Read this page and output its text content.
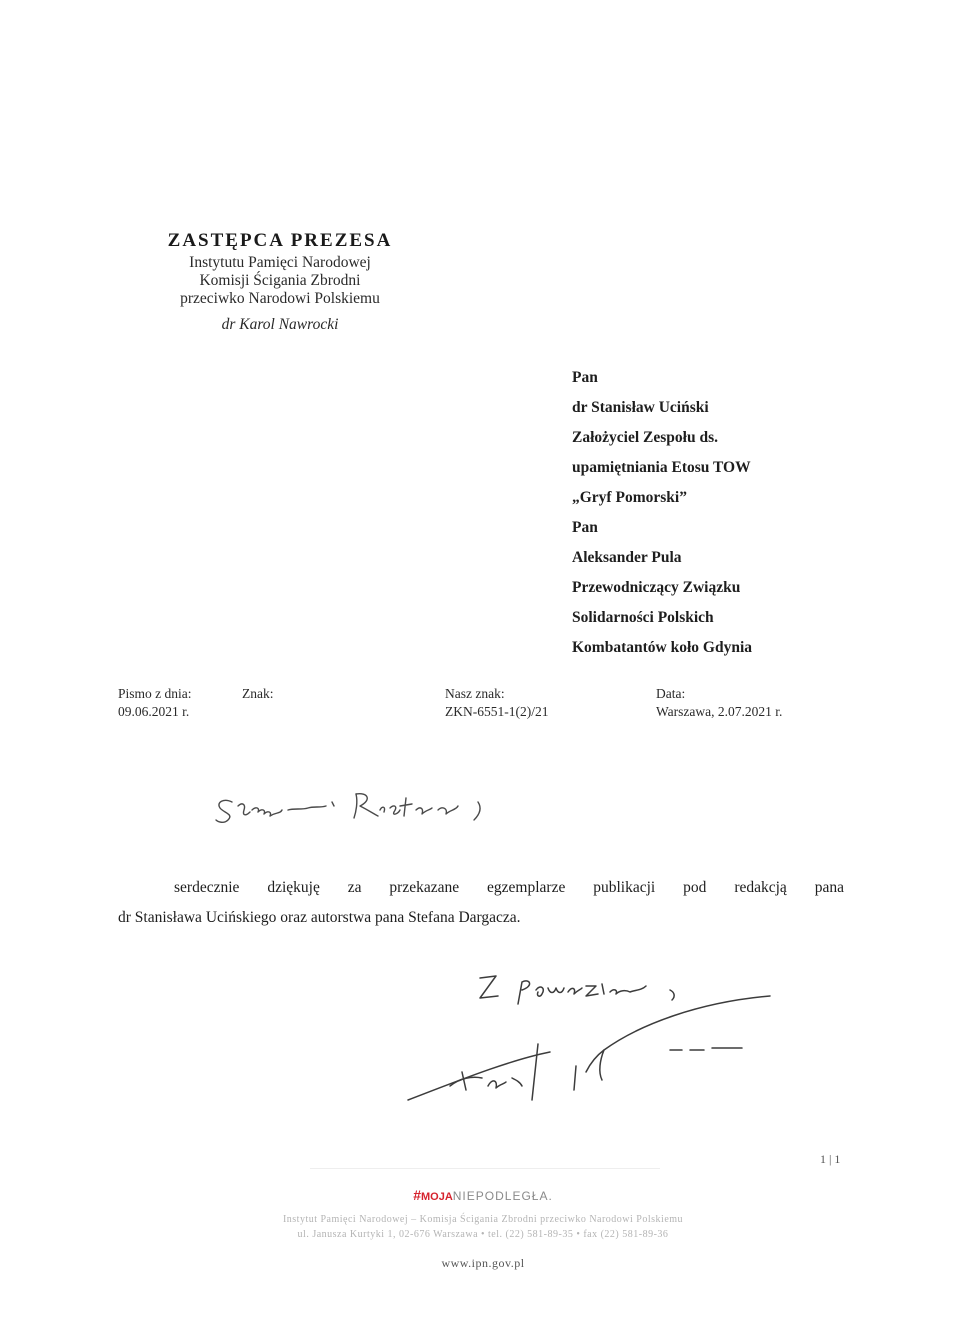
ZASTĘPCA PREZESA
Instytutu Pamięci Narodowej
Komisji Ścigania Zbrodni
przeciwko Narodowi Polskiemu
dr Karol Nawrocki
Pan
dr Stanisław Uciński
Założyciel Zespołu ds.
upamiętniania Etosu TOW
„Gryf Pomorski”
Pan
Aleksander Pula
Przewodniczący Związku
Solidarności Polskich
Kombatantów koło Gdynia
Pismo z dnia:
09.06.2021 r.
Znak:	Nasz znak:
ZKN-6551-1(2)/21
Data:
Warszawa, 2.07.2021 r.
serdecznie dziękuję za przekazane egzemplarze publikacji pod redakcją pana
dr Stanisława Ucińskiego oraz autorstwa pana Stefana Dargacza.
1 | 1
#MOJANIEPODLEGŁA.
Instytut Pamięci Narodowej – Komisja Ścigania Zbrodni przeciwko Narodowi Polskiemu
ul. Janusza Kurtyki 1, 02-676 Warszawa • tel. (22) 581-89-35 • fax (22) 581-89-36
www.ipn.gov.pl
